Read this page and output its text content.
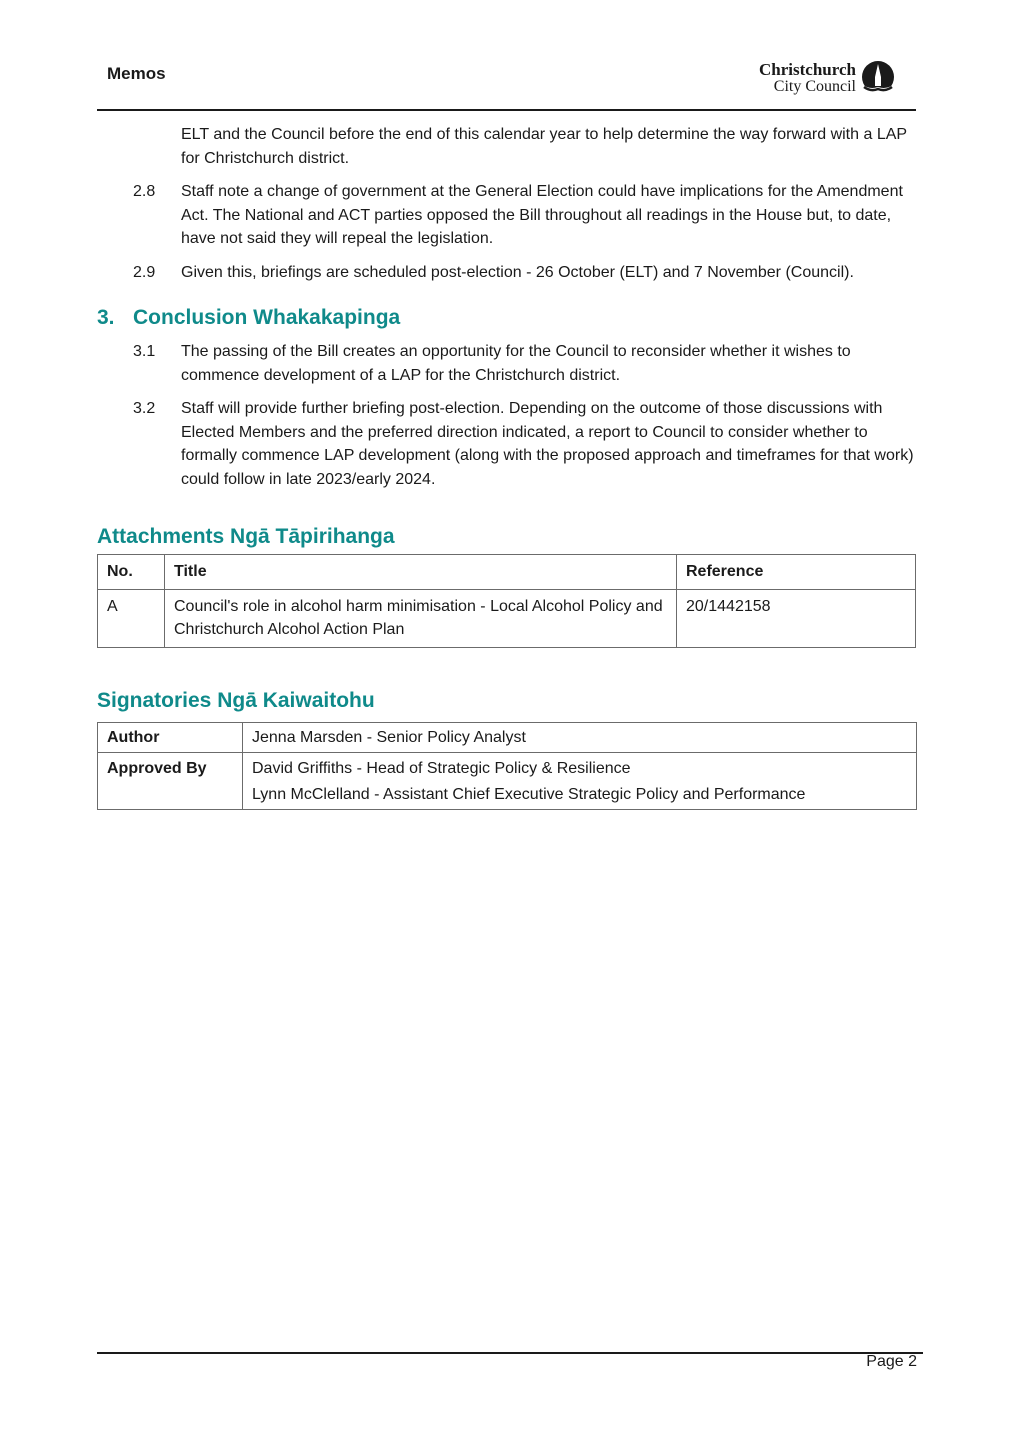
Memos	Christchurch
City Council
ELT and the Council before the end of this calendar year to help determine the way forward with a LAP for Christchurch district.
2.8	Staff note a change of government at the General Election could have implications for the Amendment Act. The National and ACT parties opposed the Bill throughout all readings in the House but, to date, have not said they will repeal the legislation.
2.9	Given this, briefings are scheduled post-election - 26 October (ELT) and 7 November (Council).
3. Conclusion Whakakapinga
3.1	The passing of the Bill creates an opportunity for the Council to reconsider whether it wishes to commence development of a LAP for the Christchurch district.
3.2	Staff will provide further briefing post-election. Depending on the outcome of those discussions with Elected Members and the preferred direction indicated, a report to Council to consider whether to formally commence LAP development (along with the proposed approach and timeframes for that work) could follow in late 2023/early 2024.
Attachments Ngā Tāpirihanga
No.	Title	Reference
A	Council's role in alcohol harm minimisation - Local Alcohol Policy and Christchurch Alcohol Action Plan	20/1442158
Signatories Ngā Kaiwaitohu
Author	Jenna Marsden - Senior Policy Analyst
Approved By	David Griffiths - Head of Strategic Policy & Resilience
Lynn McClelland - Assistant Chief Executive Strategic Policy and Performance
Page 2
